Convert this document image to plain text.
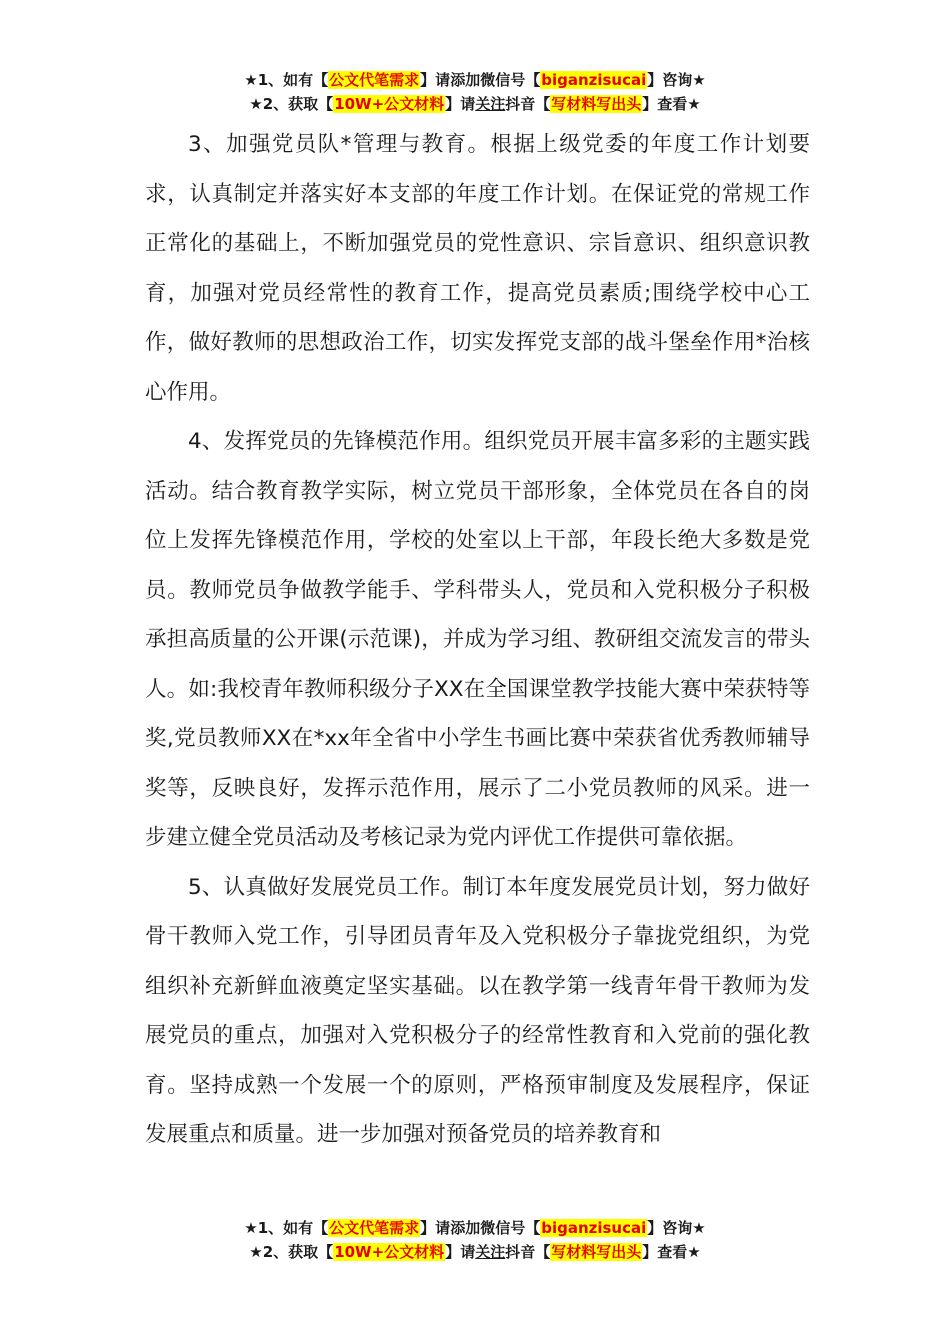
★1、如有【公文代笔需求】请添加微信号【biganzisucai】咨询★
★2、获取【10W+公文材料】请关注抖音【写材料写出头】查看★

3、加强党员队*管理与教育。根据上级党委的年度工作计划要求，认真制定并落实好本支部的年度工作计划。在保证党的常规工作正常化的基础上，不断加强党员的党性意识、宗旨意识、组织意识教育，加强对党员经常性的教育工作，提高党员素质;围绕学校中心工作，做好教师的思想政治工作，切实发挥党支部的战斗堡垒作用*治核心作用。

4、发挥党员的先锋模范作用。组织党员开展丰富多彩的主题实践活动。结合教育教学实际，树立党员干部形象，全体党员在各自的岗位上发挥先锋模范作用，学校的处室以上干部，年段长绝大多数是党员。教师党员争做教学能手、学科带头人，党员和入党积极分子积极承担高质量的公开课(示范课)，并成为学习组、教研组交流发言的带头人。如:我校青年教师积级分子XX在全国课堂教学技能大赛中荣获特等奖,党员教师XX在*xx年全省中小学生书画比赛中荣获省优秀教师辅导奖等，反映良好，发挥示范作用，展示了二小党员教师的风采。进一步建立健全党员活动及考核记录为党内评优工作提供可靠依据。

5、认真做好发展党员工作。制订本年度发展党员计划，努力做好骨干教师入党工作，引导团员青年及入党积极分子靠拢党组织，为党组织补充新鲜血液奠定坚实基础。以在教学第一线青年骨干教师为发展党员的重点，加强对入党积极分子的经常性教育和入党前的强化教育。坚持成熟一个发展一个的原则，严格预审制度及发展程序，保证发展重点和质量。进一步加强对预备党员的培养教育和

★1、如有【公文代笔需求】请添加微信号【biganzisucai】咨询★
★2、获取【10W+公文材料】请关注抖音【写材料写出头】查看★
